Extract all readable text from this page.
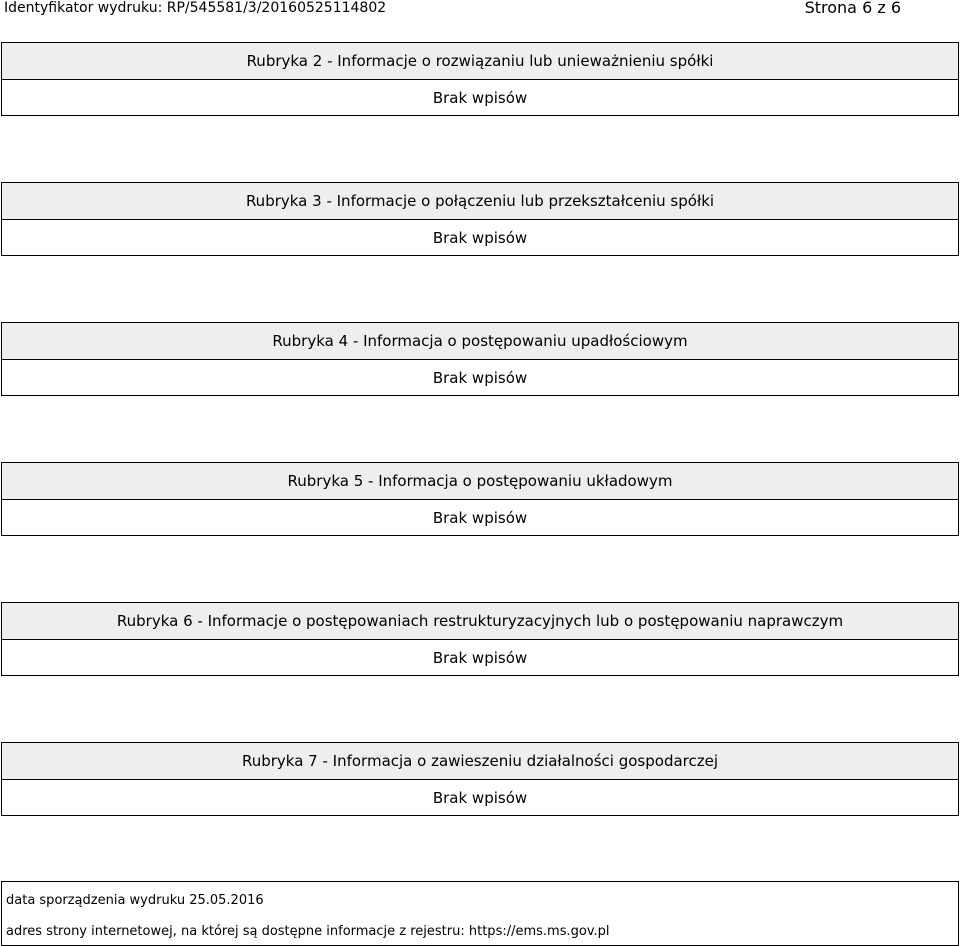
Identyfikator wydruku: RP/545581/3/20160525114802	Strona 6 z 6
Rubryka 2 - Informacje o rozwiązaniu lub unieważnieniu spółki
Brak wpisów
Rubryka 3 - Informacje o połączeniu lub przekształceniu spółki
Brak wpisów
Rubryka 4 - Informacja o postępowaniu upadłościowym
Brak wpisów
Rubryka 5 - Informacja o postępowaniu układowym
Brak wpisów
Rubryka 6 - Informacje o postępowaniach restrukturyzacyjnych lub o postępowaniu naprawczym
Brak wpisów
Rubryka 7 - Informacja o zawieszeniu działalności gospodarczej
Brak wpisów
data sporządzenia wydruku 25.05.2016
adres strony internetowej, na której są dostępne informacje z rejestru: https://ems.ms.gov.pl
